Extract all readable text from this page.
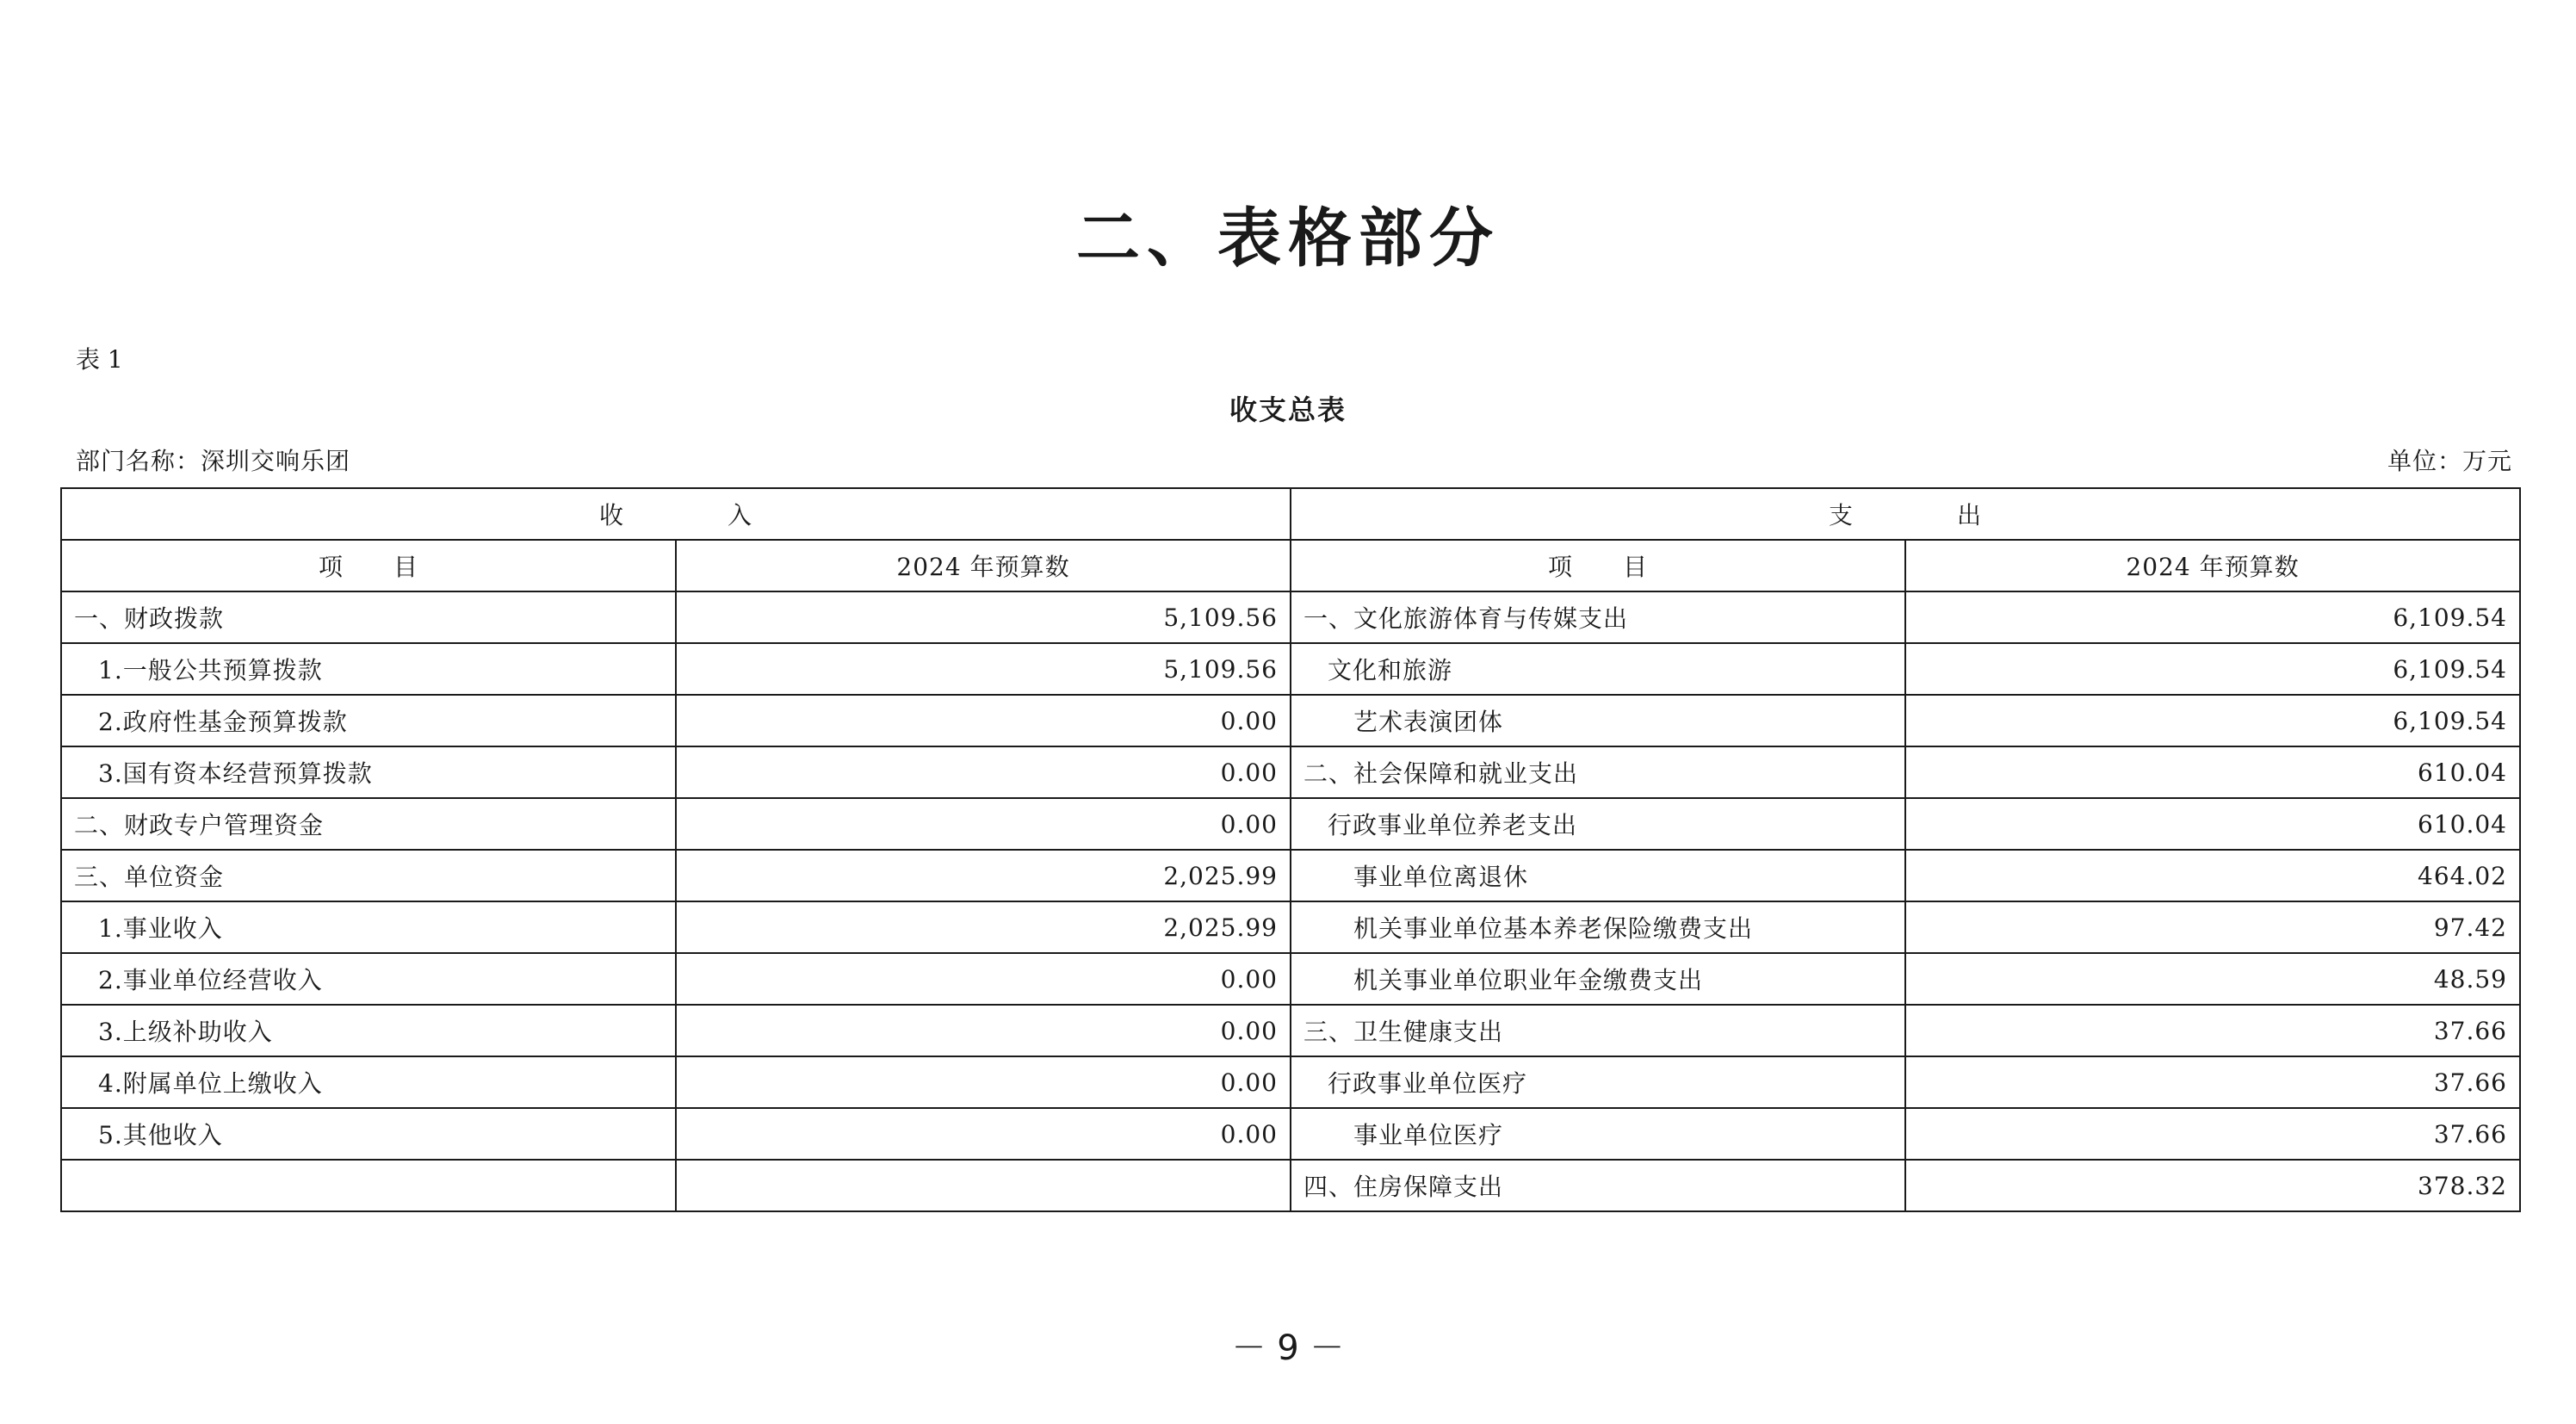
二、表格部分
表 1
收支总表
部门名称：深圳交响乐团	单位：万元
收 入		支 出	
项　　目	2024 年预算数	项　　目	2024 年预算数
一、财政拨款	5,109.56	一、文化旅游体育与传媒支出	6,109.54
1.一般公共预算拨款	5,109.56	文化和旅游	6,109.54
2.政府性基金预算拨款	0.00	艺术表演团体	6,109.54
3.国有资本经营预算拨款	0.00	二、社会保障和就业支出	610.04
二、财政专户管理资金	0.00	行政事业单位养老支出	610.04
三、单位资金	2,025.99	事业单位离退休	464.02
1.事业收入	2,025.99	机关事业单位基本养老保险缴费支出	97.42
2.事业单位经营收入	0.00	机关事业单位职业年金缴费支出	48.59
3.上级补助收入	0.00	三、卫生健康支出	37.66
4.附属单位上缴收入	0.00	行政事业单位医疗	37.66
5.其他收入	0.00	事业单位医疗	37.66
		四、住房保障支出	378.32
－ 9 －
